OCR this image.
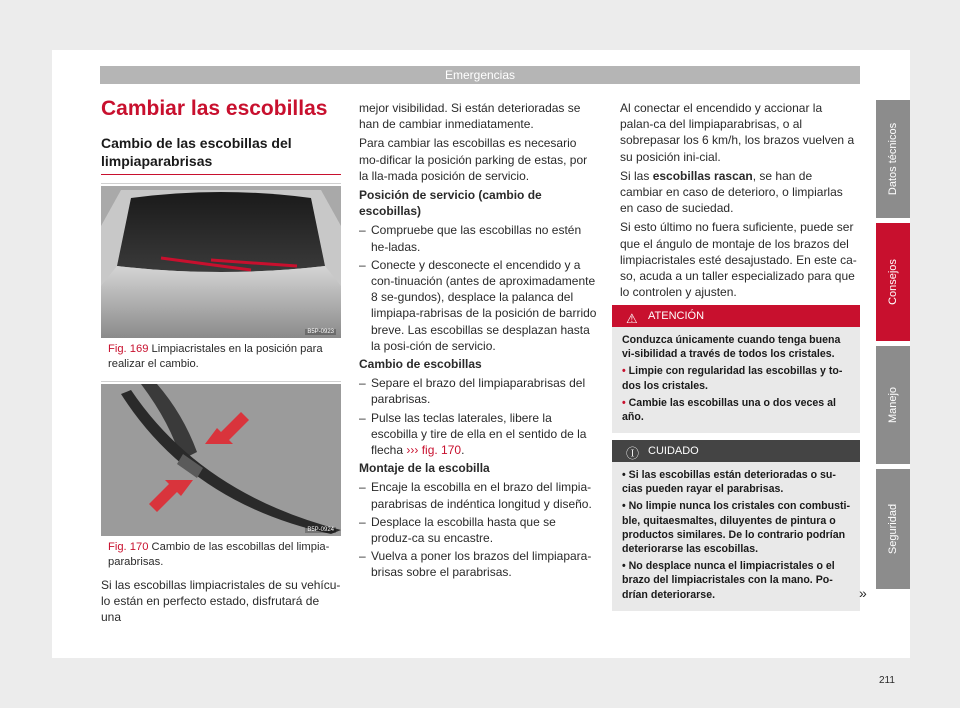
Emergencias
Cambiar las escobillas
Cambio de las escobillas del limpiaparabrisas
B5P-0923
Fig. 169 Limpiacristales en la posición para realizar el cambio.
B5P-0924
Fig. 170 Cambio de las escobillas del limpia-parabrisas.

Si las escobillas limpiacristales de su vehícu-lo están en perfecto estado, disfrutará de una

mejor visibilidad. Si están deterioradas se han de cambiar inmediatamente.

Para cambiar las escobillas es necesario mo-dificar la posición parking de estas, por la lla-mada posición de servicio.

Posición de servicio (cambio de escobillas)

– Compruebe que las escobillas no estén he-ladas.
– Conecte y desconecte el encendido y a con-tinuación (antes de aproximadamente 8 se-gundos), desplace la palanca del limpiapa-rabrisas de la posición de barrido breve. Las escobillas se desplazan hasta la posi-ción de servicio.

Cambio de escobillas

– Separe el brazo del limpiaparabrisas del parabrisas.
– Pulse las teclas laterales, libere la escobilla y tire de ella en el sentido de la flecha ››› fig. 170.

Montaje de la escobilla

– Encaje la escobilla en el brazo del limpia-parabrisas de indéntica longitud y diseño.
– Desplace la escobilla hasta que se produz-ca su encastre.
– Vuelva a poner los brazos del limpiapara-brisas sobre el parabrisas.

Al conectar el encendido y accionar la palan-ca del limpiaparabrisas, o al sobrepasar los 6 km/h, los brazos vuelven a su posición ini-cial.

Si las escobillas rascan, se han de cambiar en caso de deterioro, o limpiarlas en caso de suciedad.

Si esto último no fuera suficiente, puede ser que el ángulo de montaje de los brazos del limpiacristales esté desajustado. En este ca-so, acuda a un taller especializado para que lo controlen y ajusten.

⚠ ATENCIÓN

Conduzca únicamente cuando tenga buena vi-sibilidad a través de todos los cristales.

• Limpie con regularidad las escobillas y to-dos los cristales.

• Cambie las escobillas una o dos veces al año.

Ⓘ CUIDADO

• Si las escobillas están deterioradas o su-cias pueden rayar el parabrisas.

• No limpie nunca los cristales con combusti-ble, quitaesmaltes, diluyentes de pintura o productos similares. De lo contrario podrían deteriorarse las escobillas.

• No desplace nunca el limpiacristales o el brazo del limpiacristales con la mano. Po-drían deteriorarse.	»
Datos técnicos
Consejos
Manejo
Seguridad
211
